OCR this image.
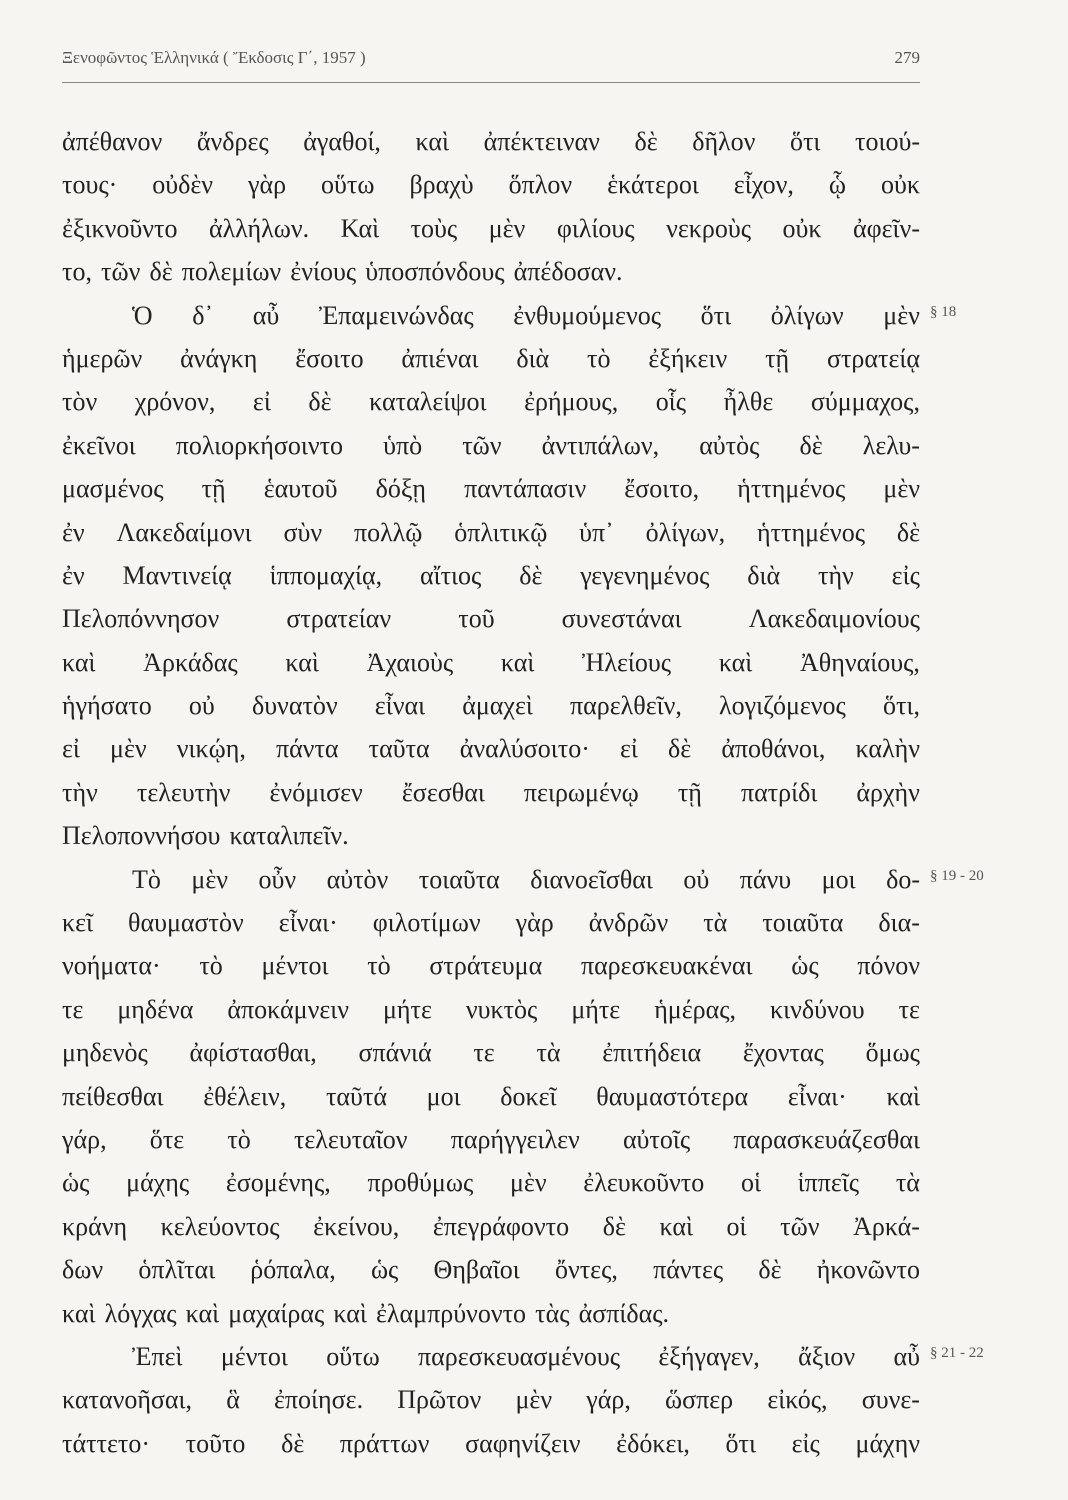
Ξενοφῶντος Ἑλληνικά ( Ἔκδοσις Γ΄, 1957 )	279
ἀπέθανον ἄνδρες ἀγαθοί, καὶ ἀπέκτειναν δὲ δῆλον ὅτι τοιού-
τους· οὐδὲν γὰρ οὕτω βραχὺ ὅπλον ἑκάτεροι εἶχον, ᾧ οὐκ
ἐξικνοῦντο ἀλλήλων. Καὶ τοὺς μὲν φιλίους νεκροὺς οὐκ ἀφεῖν-
το, τῶν δὲ πολεμίων ἐνίους ὑποσπόνδους ἀπέδοσαν.
Ὁ δ᾽ αὖ Ἐπαμεινώνδας ἐνθυμούμενος ὅτι ὀλίγων μὲν
ἡμερῶν ἀνάγκη ἔσοιτο ἀπιέναι διὰ τὸ ἐξήκειν τῇ στρατείᾳ
τὸν χρόνον, εἰ δὲ καταλείψοι ἐρήμους, οἷς ἦλθε σύμμαχος,
ἐκεῖνοι πολιορκήσοιντο ὑπὸ τῶν ἀντιπάλων, αὐτὸς δὲ λελυ-
μασμένος τῇ ἑαυτοῦ δόξῃ παντάπασιν ἔσοιτο, ἡττημένος μὲν
ἐν Λακεδαίμονι σὺν πολλῷ ὁπλιτικῷ ὑπ᾽ ὀλίγων, ἡττημένος δὲ
ἐν Μαντινείᾳ ἱππομαχίᾳ, αἴτιος δὲ γεγενημένος διὰ τὴν εἰς
Πελοπόννησον	στρατείαν	τοῦ	συνεστάναι	Λακεδαιμονίους
καὶ Ἀρκάδας καὶ Ἀχαιοὺς καὶ Ἠλείους καὶ Ἀθηναίους,
ἡγήσατο οὐ δυνατὸν εἶναι ἀμαχεὶ παρελθεῖν, λογιζόμενος ὅτι,
εἰ μὲν νικῴη, πάντα ταῦτα ἀναλύσοιτο· εἰ δὲ ἀποθάνοι, καλὴν
τὴν τελευτὴν ἐνόμισεν ἔσεσθαι πειρωμένῳ τῇ πατρίδι ἀρχὴν
Πελοποννήσου καταλιπεῖν.
Τὸ μὲν οὖν αὐτὸν τοιαῦτα διανοεῖσθαι οὐ πάνυ μοι δο-
κεῖ θαυμαστὸν εἶναι· φιλοτίμων γὰρ ἀνδρῶν τὰ τοιαῦτα δια-
νοήματα· τὸ μέντοι τὸ στράτευμα παρεσκευακέναι ὡς πόνον
τε μηδένα ἀποκάμνειν μήτε νυκτὸς μήτε ἡμέρας, κινδύνου τε
μηδενὸς ἀφίστασθαι, σπάνιά τε τὰ ἐπιτήδεια ἔχοντας ὅμως
πείθεσθαι ἐθέλειν, ταῦτά μοι δοκεῖ θαυμαστότερα εἶναι· καὶ
γάρ, ὅτε τὸ τελευταῖον παρήγγειλεν αὐτοῖς παρασκευάζεσθαι
ὡς μάχης ἐσομένης, προθύμως μὲν ἐλευκοῦντο οἱ ἱππεῖς τὰ
κράνη κελεύοντος ἐκείνου, ἐπεγράφοντο δὲ καὶ οἱ τῶν Ἀρκά-
δων ὁπλῖται ῥόπαλα, ὡς Θηβαῖοι ὄντες, πάντες δὲ ἠκονῶντο
καὶ λόγχας καὶ μαχαίρας καὶ ἐλαμπρύνοντο τὰς ἀσπίδας.
Ἐπεὶ μέντοι οὕτω παρεσκευασμένους ἐξήγαγεν, ἄξιον αὖ
κατανοῆσαι, ἃ ἐποίησε. Πρῶτον μὲν γάρ, ὥσπερ εἰκός, συνε-
τάττετο· τοῦτο δὲ πράττων σαφηνίζειν ἐδόκει, ὅτι εἰς μάχην
§ 18
§ 19 - 20
§ 21 - 22
